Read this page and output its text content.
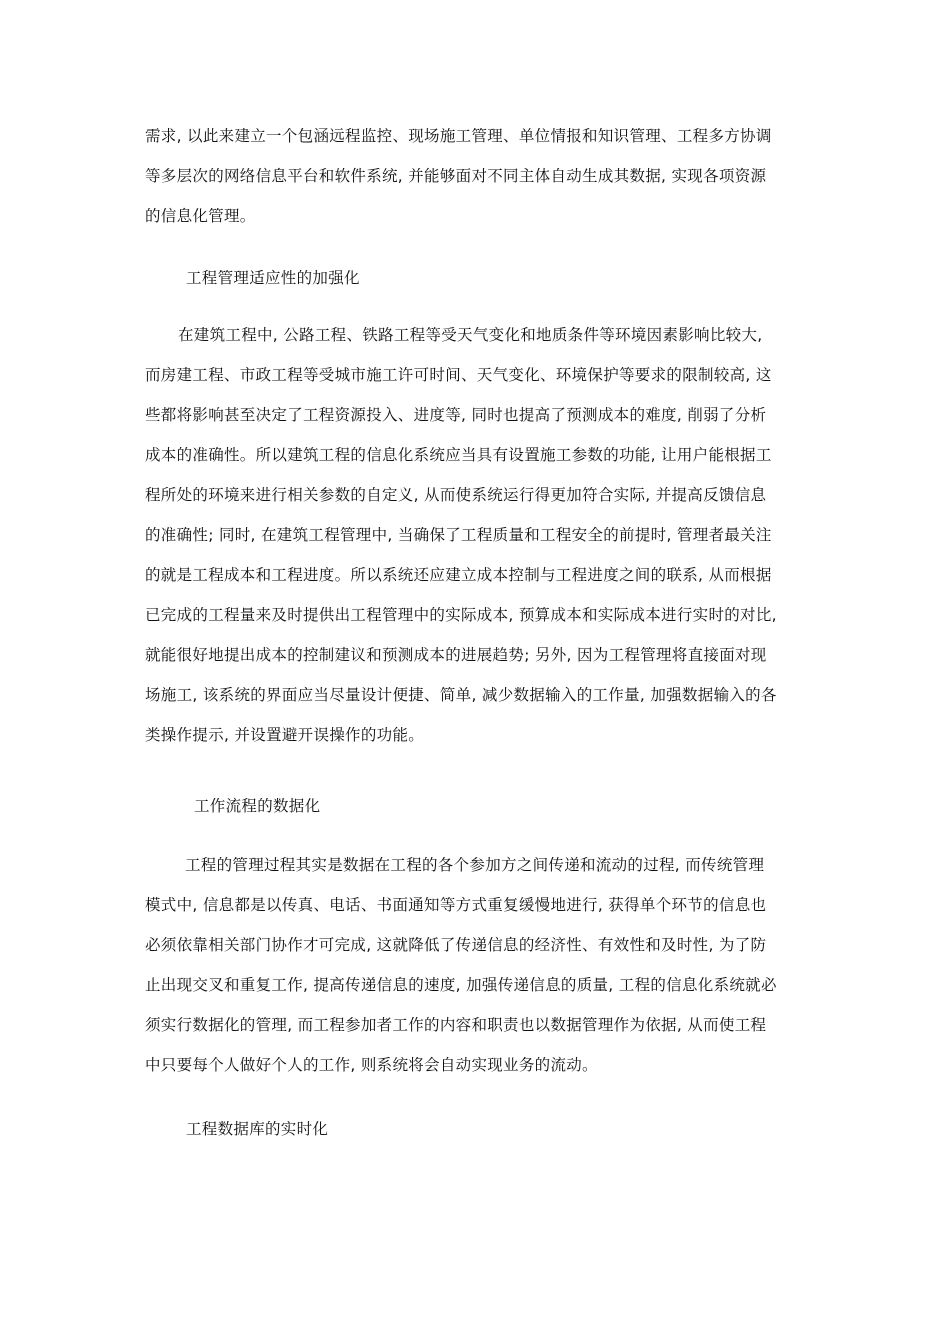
需求, 以此来建立一个包涵远程监控、现场施工管理、单位情报和知识管理、工程多方协调
等多层次的网络信息平台和软件系统, 并能够面对不同主体自动生成其数据, 实现各项资源
的信息化管理。

工程管理适应性的加强化

在建筑工程中, 公路工程、铁路工程等受天气变化和地质条件等环境因素影响比较大,
而房建工程、市政工程等受城市施工许可时间、天气变化、环境保护等要求的限制较高, 这
些都将影响甚至决定了工程资源投入、进度等, 同时也提高了预测成本的难度, 削弱了分析
成本的准确性。所以建筑工程的信息化系统应当具有设置施工参数的功能, 让用户能根据工
程所处的环境来进行相关参数的自定义, 从而使系统运行得更加符合实际, 并提高反馈信息
的准确性; 同时, 在建筑工程管理中, 当确保了工程质量和工程安全的前提时, 管理者最关注
的就是工程成本和工程进度。所以系统还应建立成本控制与工程进度之间的联系, 从而根据
已完成的工程量来及时提供出工程管理中的实际成本, 预算成本和实际成本进行实时的对比,
就能很好地提出成本的控制建议和预测成本的进展趋势; 另外, 因为工程管理将直接面对现
场施工, 该系统的界面应当尽量设计便捷、简单, 减少数据输入的工作量, 加强数据输入的各
类操作提示, 并设置避开误操作的功能。

工作流程的数据化

工程的管理过程其实是数据在工程的各个参加方之间传递和流动的过程, 而传统管理
模式中, 信息都是以传真、电话、书面通知等方式重复缓慢地进行, 获得单个环节的信息也
必须依靠相关部门协作才可完成, 这就降低了传递信息的经济性、有效性和及时性, 为了防
止出现交叉和重复工作, 提高传递信息的速度, 加强传递信息的质量, 工程的信息化系统就必
须实行数据化的管理, 而工程参加者工作的内容和职责也以数据管理作为依据, 从而使工程
中只要每个人做好个人的工作, 则系统将会自动实现业务的流动。

工程数据库的实时化
